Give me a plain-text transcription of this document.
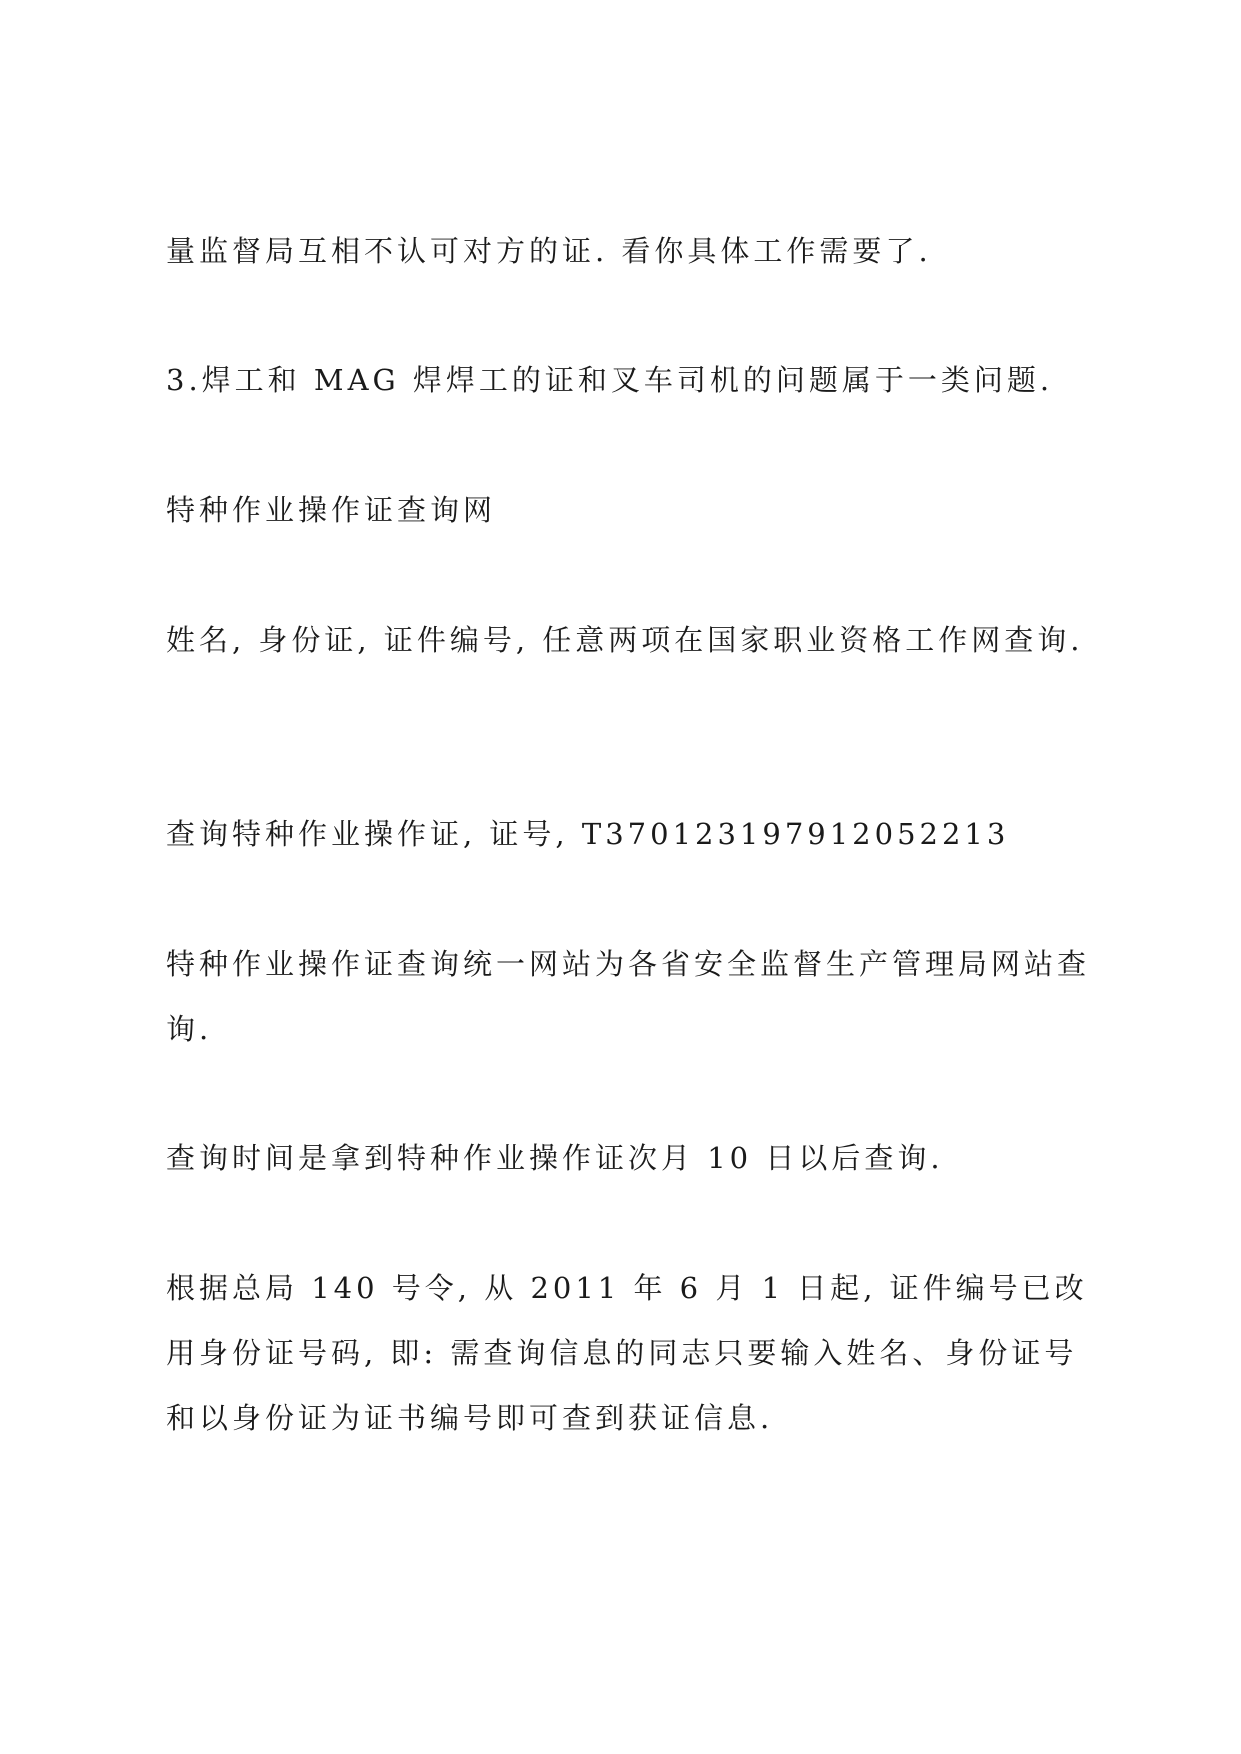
量监督局互相不认可对方的证. 看你具体工作需要了.

3.焊工和 MAG 焊焊工的证和叉车司机的问题属于一类问题.

特种作业操作证查询网

姓名, 身份证, 证件编号, 任意两项在国家职业资格工作网查询.

查询特种作业操作证, 证号, T370123197912052213

特种作业操作证查询统一网站为各省安全监督生产管理局网站查询.

查询时间是拿到特种作业操作证次月 10 日以后查询.

根据总局 140 号令, 从 2011 年 6 月 1 日起, 证件编号已改用身份证号码, 即: 需查询信息的同志只要输入姓名、身份证号和以身份证为证书编号即可查到获证信息.
